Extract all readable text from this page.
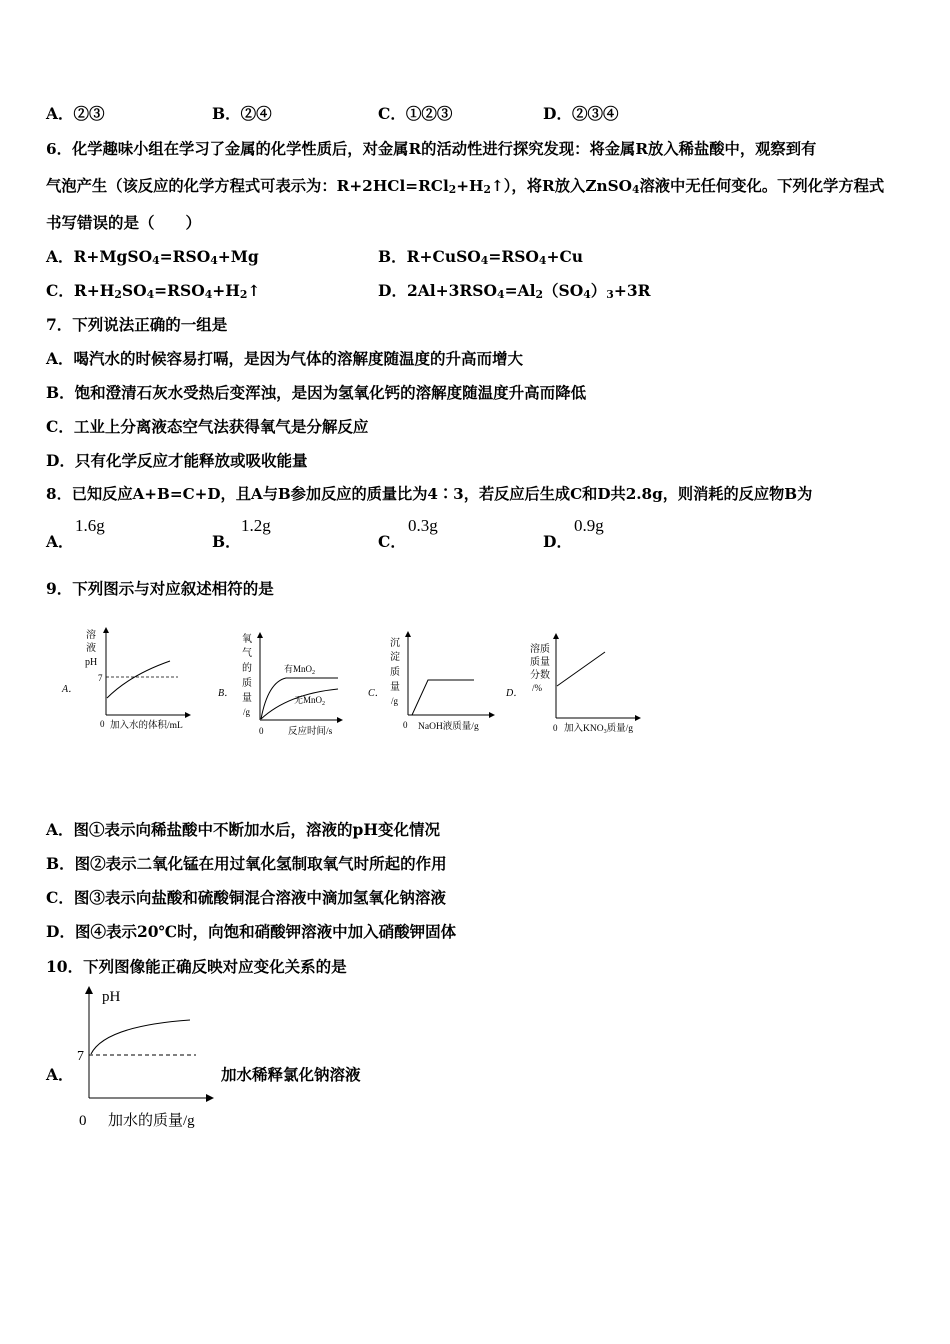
A．②③	B．②④	C．①②③	D．②③④
6．化学趣味小组在学习了金属的化学性质后，对金属R的活动性进行探究发现：将金属R放入稀盐酸中，观察到有
气泡产生（该反应的化学方程式可表示为：$R+2HCl=RCl_2+H_2↑$），将R放入ZnSO$_4$溶液中无任何变化。下列化学方程式
书写错误的是（　　）
A．$R+MgSO_4=RSO_4+Mg$	B．$R+CuSO_4=RSO_4+Cu$
C．$R+H_2SO_4=RSO_4+H_2↑$	D．$2Al+3RSO_4=Al_2(SO_4)_3+3R$
7．下列说法正确的一组是
A．喝汽水的时候容易打嗝，是因为气体的溶解度随温度的升高而增大
B．饱和澄清石灰水受热后变浑浊，是因为氢氧化钙的溶解度随温度升高而降低
C．工业上分离液态空气法获得氧气是分解反应
D．只有化学反应才能释放或吸收能量
8．已知反应A+B=C+D，且A与B参加反应的质量比为4∶3，若反应后生成C和D共2.8g，则消耗的反应物B为
A．
1.6g
B．
1.2g
C．
0.3g
D．
0.9g
9．下列图示与对应叙述相符的是
A．
溶
液
pH
7
0 加入水的体积/mL
B．
氧
气
的
质
量
/g
有MnO$_2$
无MnO$_2$
0	反应时间/s
C．
沉
淀
质
量
/g
0 NaOH液质量/g
D．
溶质
质量
分数
/%
0 加入$KNO_3$质量/g
A．图①表示向稀盐酸中不断加水后，溶液的pH变化情况
B．图②表示二氧化锰在用过氧化氢制取氧气时所起的作用
C．图③表示向盐酸和硫酸铜混合溶液中滴加氢氧化钠溶液
D．图④表示20℃时，向饱和硝酸钾溶液中加入硝酸钾固体
10．下列图像能正确反映对应变化关系的是
A．
pH
7
0 加水的质量/g
加水稀释氯化钠溶液
